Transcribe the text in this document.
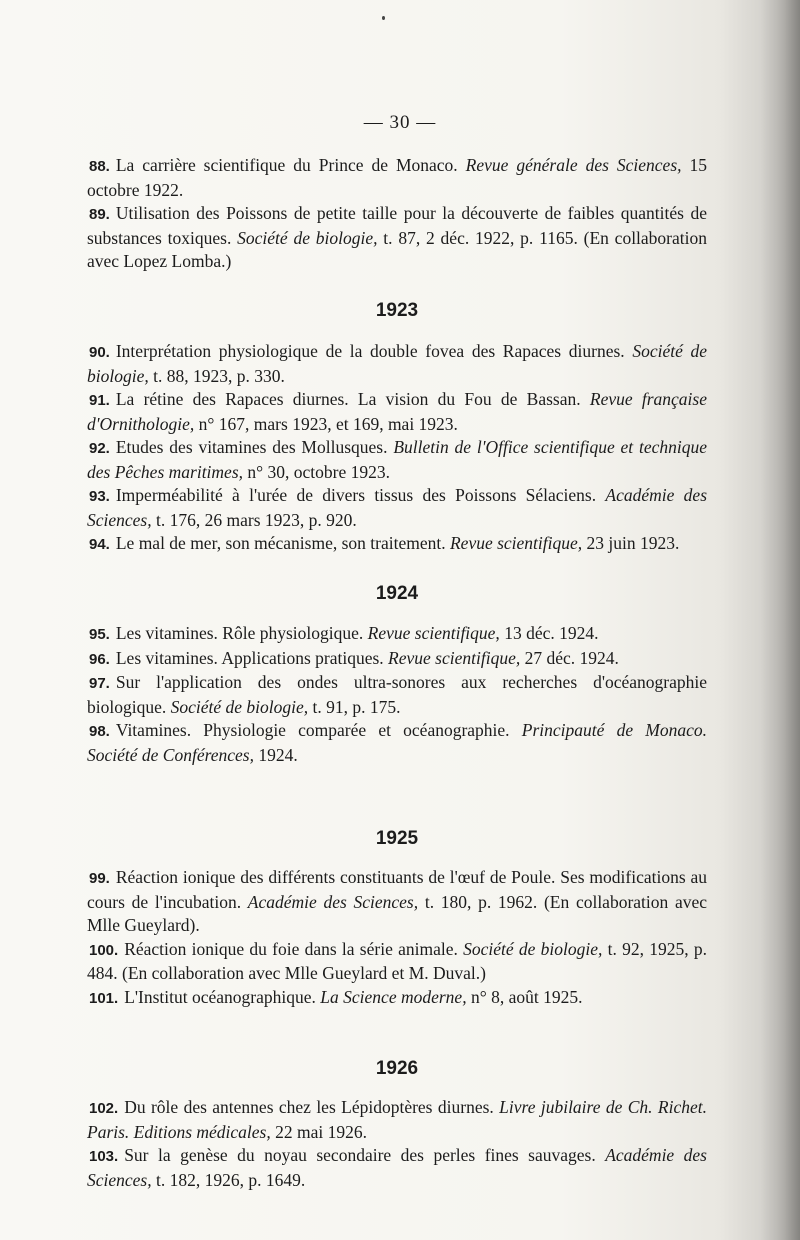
— 30 —

88. La carrière scientifique du Prince de Monaco. Revue générale des Sciences, 15 octobre 1922.

89. Utilisation des Poissons de petite taille pour la découverte de faibles quantités de substances toxiques. Société de biologie, t. 87, 2 déc. 1922, p. 1165. (En collaboration avec Lopez Lomba.)

1923

90. Interprétation physiologique de la double fovea des Rapaces diurnes. Société de biologie, t. 88, 1923, p. 330.

91. La rétine des Rapaces diurnes. La vision du Fou de Bassan. Revue française d'Ornithologie, n° 167, mars 1923, et 169, mai 1923.

92. Etudes des vitamines des Mollusques. Bulletin de l'Office scientifique et technique des Pêches maritimes, n° 30, octobre 1923.

93. Imperméabilité à l'urée de divers tissus des Poissons Sélaciens. Académie des Sciences, t. 176, 26 mars 1923, p. 920.

94. Le mal de mer, son mécanisme, son traitement. Revue scientifique, 23 juin 1923.

1924

95. Les vitamines. Rôle physiologique. Revue scientifique, 13 déc. 1924.

96. Les vitamines. Applications pratiques. Revue scientifique, 27 déc. 1924.

97. Sur l'application des ondes ultra-sonores aux recherches d'océanographie biologique. Société de biologie, t. 91, p. 175.

98. Vitamines. Physiologie comparée et océanographie. Principauté de Monaco. Société de Conférences, 1924.

1925

99. Réaction ionique des différents constituants de l'œuf de Poule. Ses modifications au cours de l'incubation. Académie des Sciences, t. 180, p. 1962. (En collaboration avec Mlle Gueylard).

100. Réaction ionique du foie dans la série animale. Société de biologie, t. 92, 1925, p. 484. (En collaboration avec Mlle Gueylard et M. Duval.)

101. L'Institut océanographique. La Science moderne, n° 8, août 1925.

1926

102. Du rôle des antennes chez les Lépidoptères diurnes. Livre jubilaire de Ch. Richet. Paris. Editions médicales, 22 mai 1926.

103. Sur la genèse du noyau secondaire des perles fines sauvages. Académie des Sciences, t. 182, 1926, p. 1649.
